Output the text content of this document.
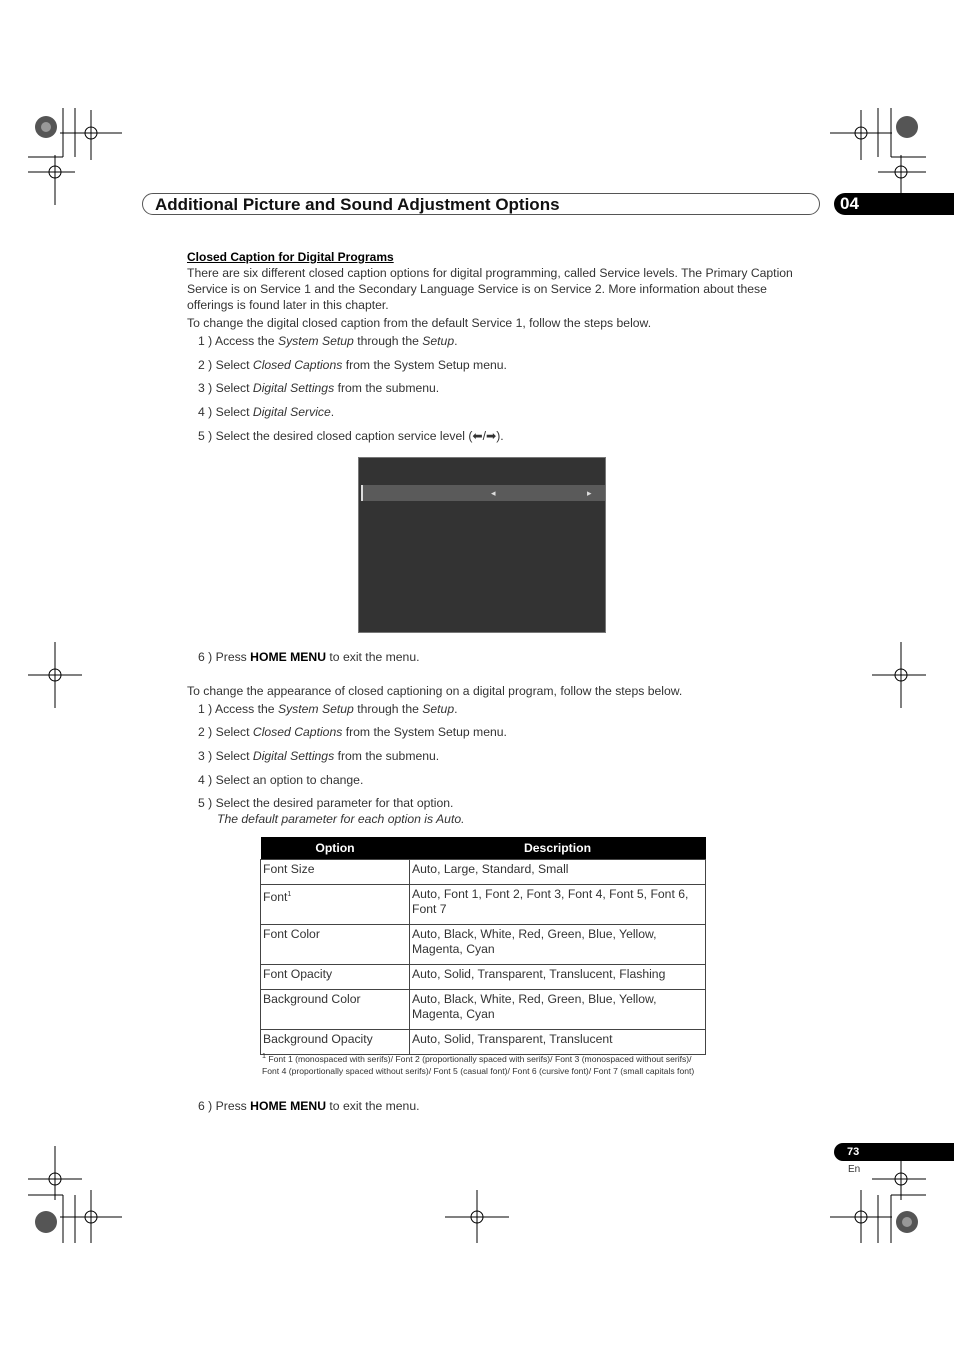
Additional Picture and Sound Adjustment Options	04
Closed Caption for Digital Programs
There are six different closed caption options for digital programming, called Service levels. The Primary Caption
Service is on Service 1 and the Secondary Language Service is on Service 2. More information about these
offerings is found later in this chapter.
To change the digital closed caption from the default Service 1, follow the steps below.
1 ) Access the System Setup through the Setup.
2 ) Select Closed Captions from the System Setup menu.
3 ) Select Digital Settings from the submenu.
4 ) Select Digital Service.
5 ) Select the desired closed caption service level (⬅/➡).
◂	▸
6 ) Press HOME MENU to exit the menu.
To change the appearance of closed captioning on a digital program, follow the steps below.
1 ) Access the System Setup through the Setup.
2 ) Select Closed Captions from the System Setup menu.
3 ) Select Digital Settings from the submenu.
4 ) Select an option to change.
5 ) Select the desired parameter for that option.
The default parameter for each option is Auto.
Option	Description
Font Size	Auto, Large, Standard, Small
Font$^1$	Auto, Font 1, Font 2, Font 3, Font 4, Font 5, Font 6, Font 7
Font Color	Auto, Black, White, Red, Green, Blue, Yellow, Magenta, Cyan
Font Opacity	Auto, Solid, Transparent, Translucent, Flashing
Background Color	Auto, Black, White, Red, Green, Blue, Yellow, Magenta, Cyan
Background Opacity	Auto, Solid, Transparent, Translucent
$^1$ Font 1 (monospaced with serifs)/ Font 2 (proportionally spaced with serifs)/ Font 3 (monospaced without serifs)/ Font 4 (proportionally spaced without serifs)/ Font 5 (casual font)/ Font 6 (cursive font)/ Font 7 (small capitals font)
6 ) Press HOME MENU to exit the menu.
73
En
